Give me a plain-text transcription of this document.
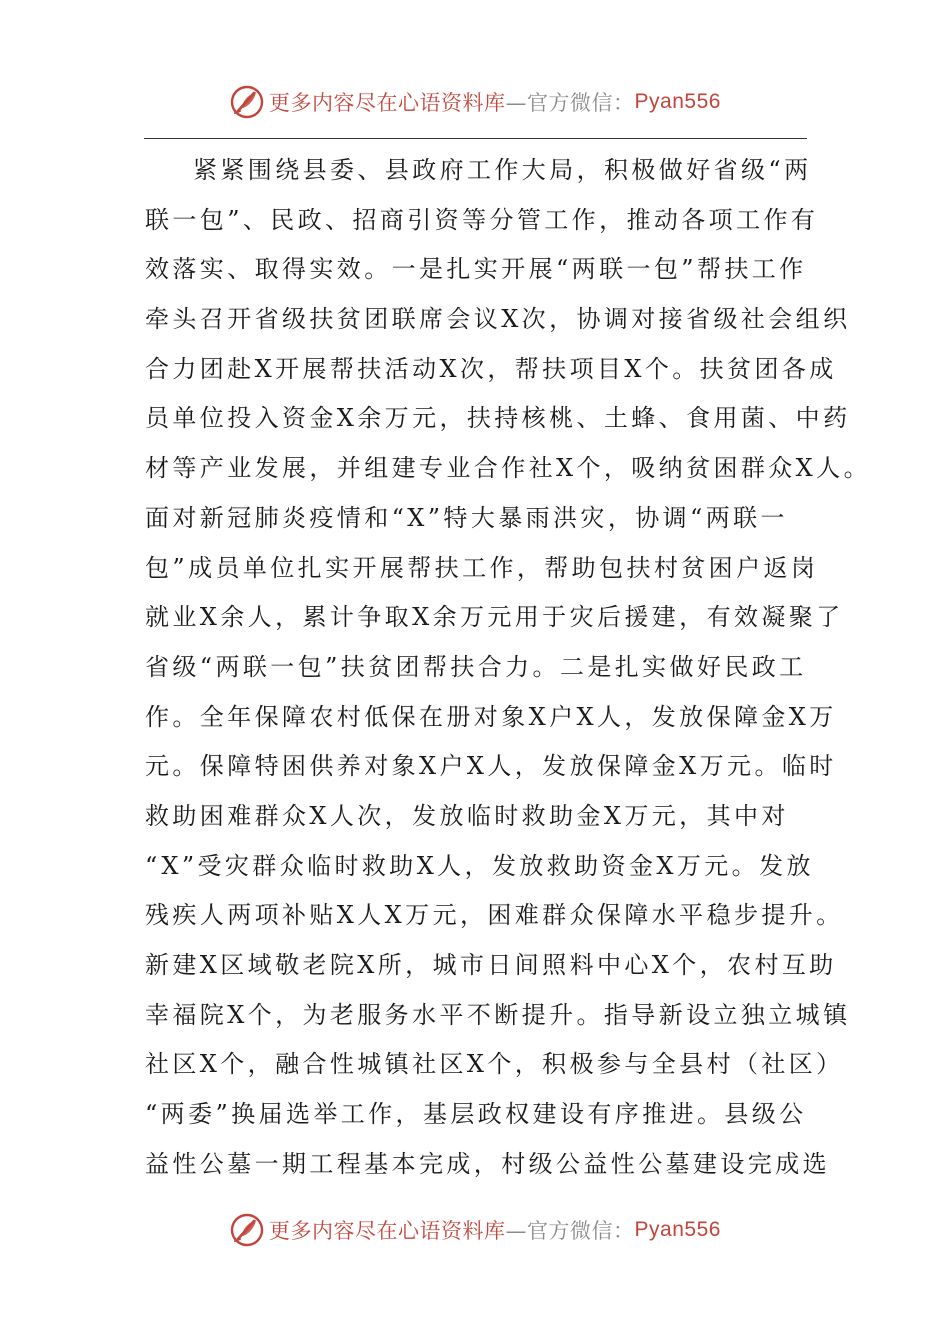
更多内容尽在心语资料库 —官方微信： Pyan556
紧紧围绕县委、县政府工作大局，积极做好省级“两
联一包”、民政、招商引资等分管工作，推动各项工作有
效落实、取得实效。一是扎实开展“两联一包”帮扶工作
牵头召开省级扶贫团联席会议X次，协调对接省级社会组织
合力团赴X开展帮扶活动X次，帮扶项目X个。扶贫团各成
员单位投入资金X余万元，扶持核桃、土蜂、食用菌、中药
材等产业发展，并组建专业合作社X个，吸纳贫困群众X人。
面对新冠肺炎疫情和“X”特大暴雨洪灾，协调“两联一
包”成员单位扎实开展帮扶工作，帮助包扶村贫困户返岗
就业X余人，累计争取X余万元用于灾后援建，有效凝聚了
省级“两联一包”扶贫团帮扶合力。二是扎实做好民政工
作。全年保障农村低保在册对象X户X人，发放保障金X万
元。保障特困供养对象X户X人，发放保障金X万元。临时
救助困难群众X人次，发放临时救助金X万元，其中对
“X”受灾群众临时救助X人，发放救助资金X万元。发放
残疾人两项补贴X人X万元，困难群众保障水平稳步提升。
新建X区域敬老院X所，城市日间照料中心X个，农村互助
幸福院X个，为老服务水平不断提升。指导新设立独立城镇
社区X个，融合性城镇社区X个，积极参与全县村（社区）
“两委”换届选举工作，基层政权建设有序推进。县级公
益性公墓一期工程基本完成，村级公益性公墓建设完成选
更多内容尽在心语资料库 —官方微信： Pyan556
